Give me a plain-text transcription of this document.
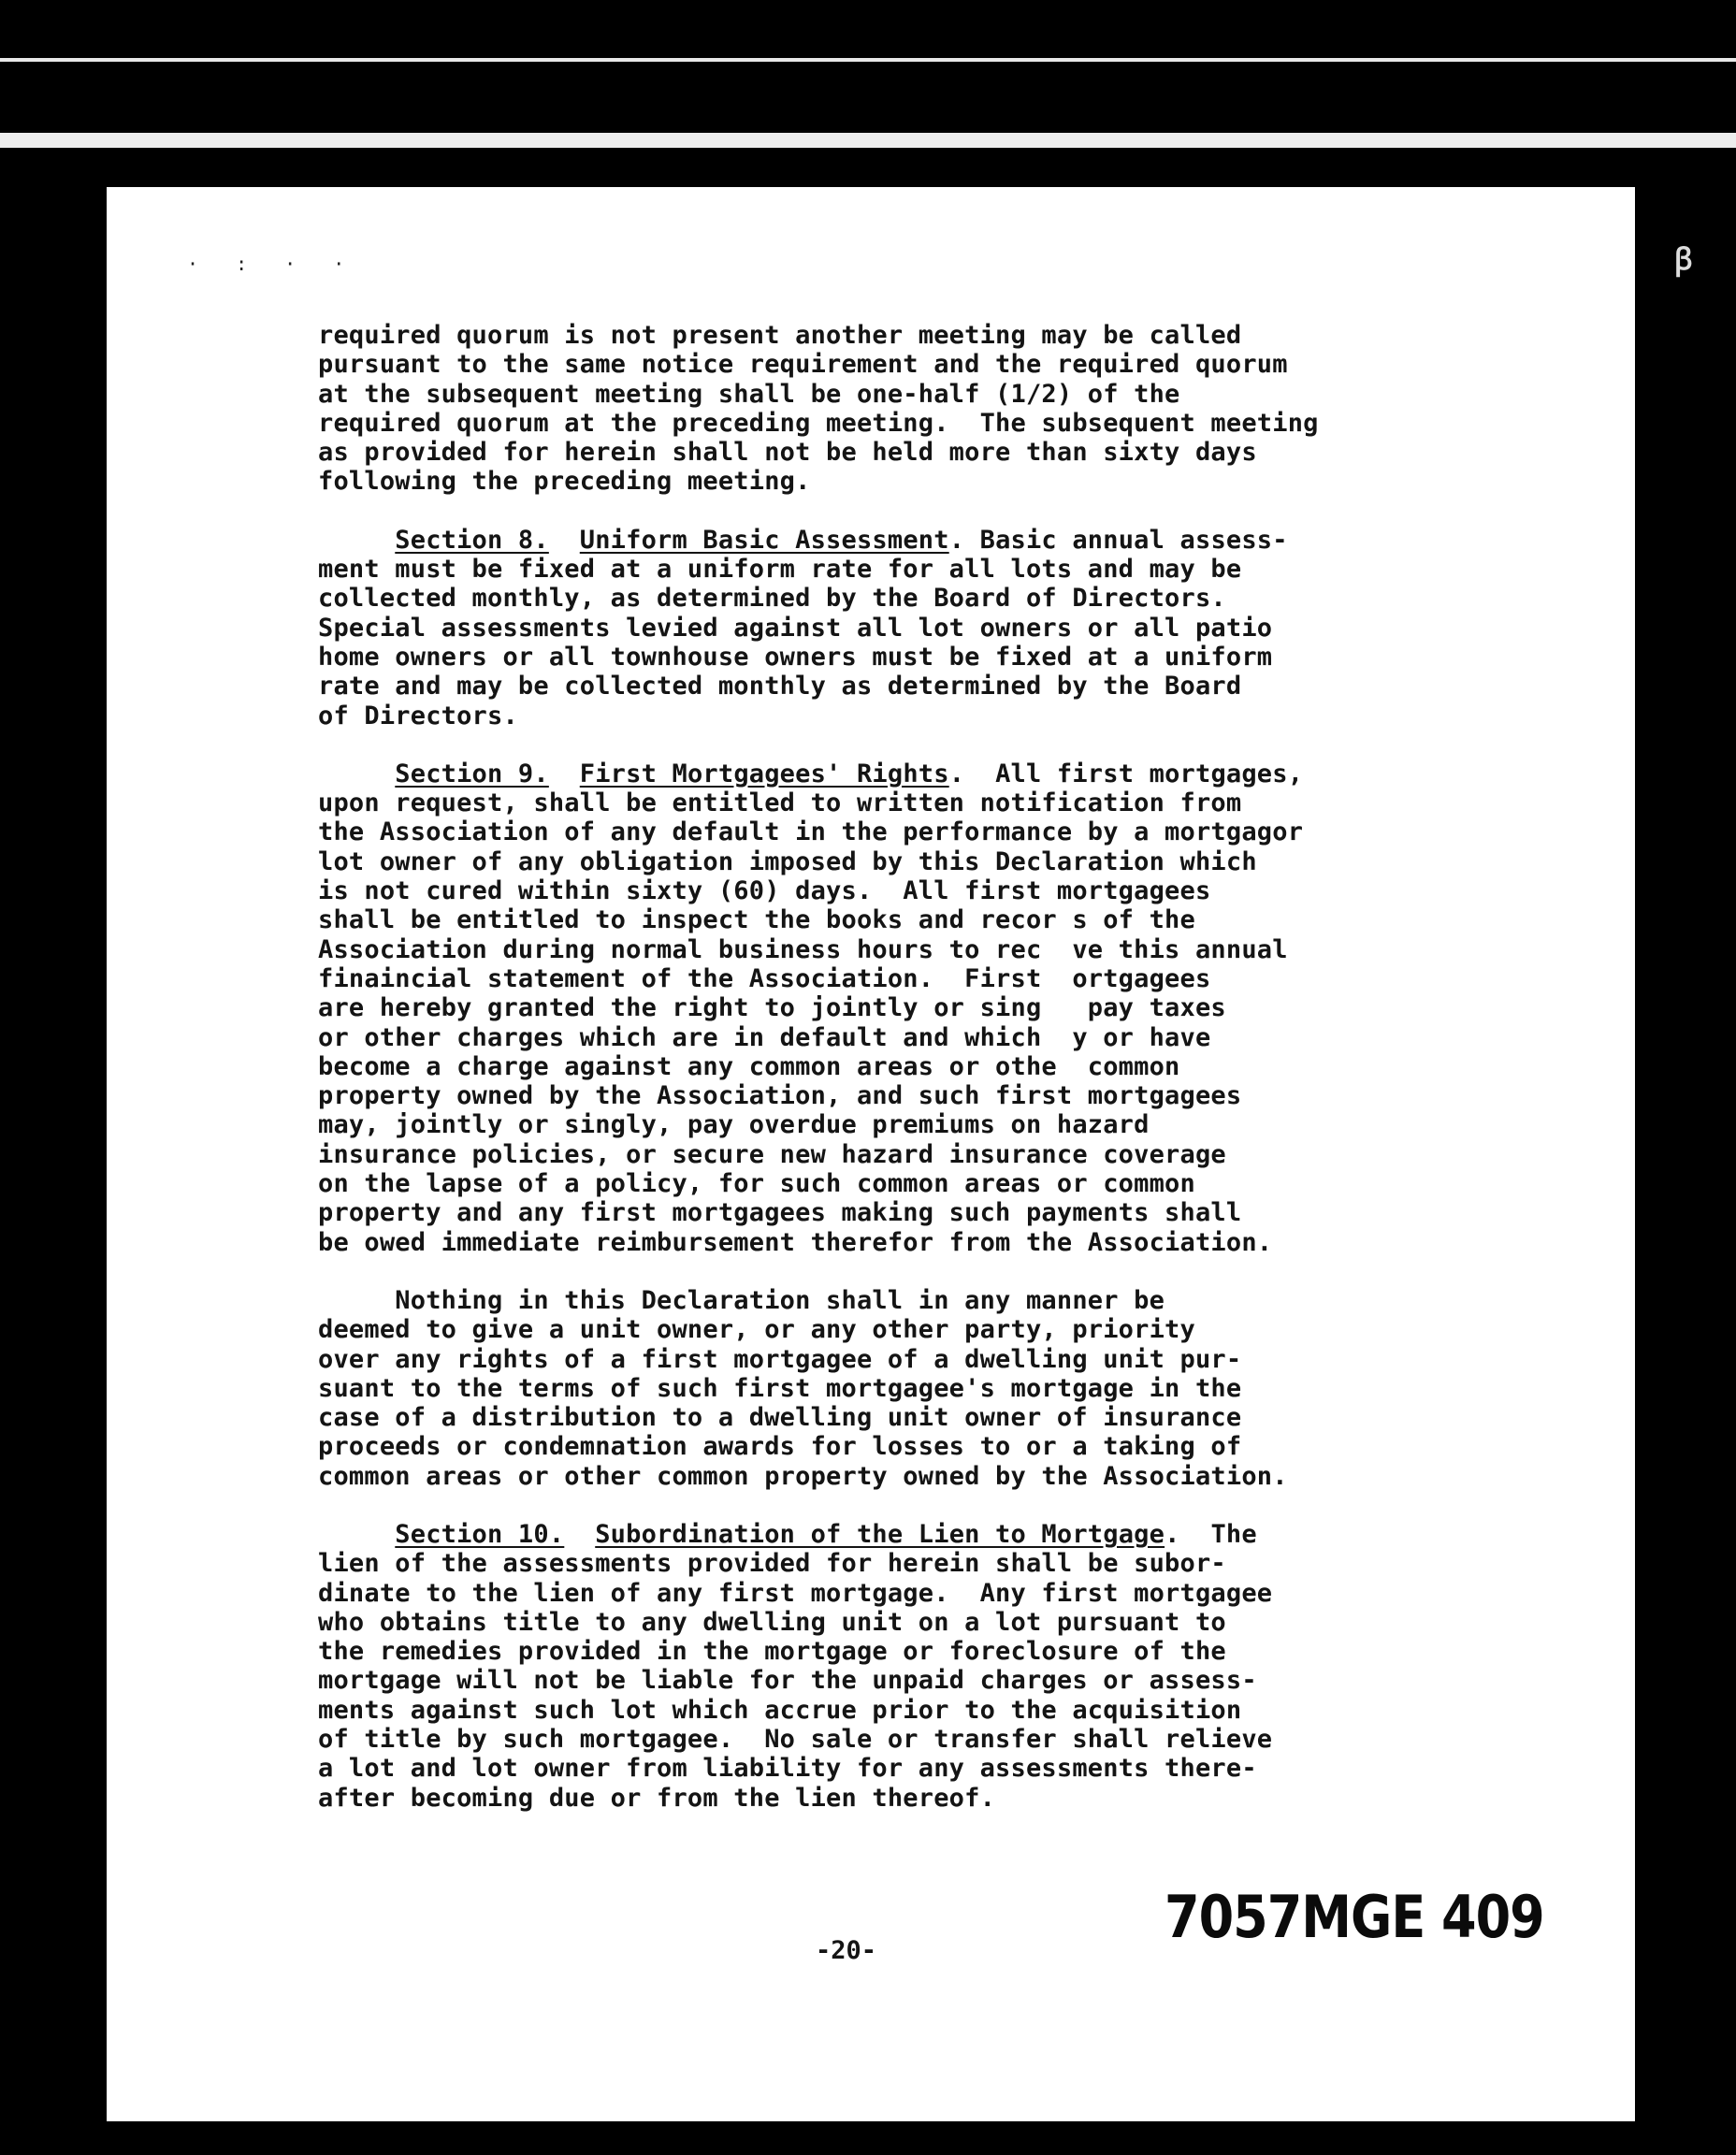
ꞵ
· : · ·

required quorum is not present another meeting may be called
pursuant to the same notice requirement and the required quorum
at the subsequent meeting shall be one-half (1/2) of the
required quorum at the preceding meeting.  The subsequent meeting
as provided for herein shall not be held more than sixty days
following the preceding meeting.

Section 8. Uniform Basic Assessment. Basic annual assess-
ment must be fixed at a uniform rate for all lots and may be
collected monthly, as determined by the Board of Directors.
Special assessments levied against all lot owners or all patio
home owners or all townhouse owners must be fixed at a uniform
rate and may be collected monthly as determined by the Board
of Directors.

Section 9. First Mortgagees' Rights.  All first mortgages,
upon request, shall be entitled to written notification from
the Association of any default in the performance by a mortgagor
lot owner of any obligation imposed by this Declaration which
is not cured within sixty (60) days.  All first mortgagees
shall be entitled to inspect the books and recor s of the
Association during normal business hours to rec  ve this annual
finaincial statement of the Association.  First  ortgagees
are hereby granted the right to jointly or sing   pay taxes
or other charges which are in default and which  y or have
become a charge against any common areas or othe  common
property owned by the Association, and such first mortgagees
may, jointly or singly, pay overdue premiums on hazard
insurance policies, or secure new hazard insurance coverage
on the lapse of a policy, for such common areas or common
property and any first mortgagees making such payments shall
be owed immediate reimbursement therefor from the Association.

Nothing in this Declaration shall in any manner be
deemed to give a unit owner, or any other party, priority
over any rights of a first mortgagee of a dwelling unit pur-
suant to the terms of such first mortgagee's mortgage in the
case of a distribution to a dwelling unit owner of insurance
proceeds or condemnation awards for losses to or a taking of
common areas or other common property owned by the Association.

Section 10. Subordination of the Lien to Mortgage.  The
lien of the assessments provided for herein shall be subor-
dinate to the lien of any first mortgage.  Any first mortgagee
who obtains title to any dwelling unit on a lot pursuant to
the remedies provided in the mortgage or foreclosure of the
mortgage will not be liable for the unpaid charges or assess-
ments against such lot which accrue prior to the acquisition
of title by such mortgagee.  No sale or transfer shall relieve
a lot and lot owner from liability for any assessments there-
after becoming due or from the lien thereof.

7057MGE 409
-20-
